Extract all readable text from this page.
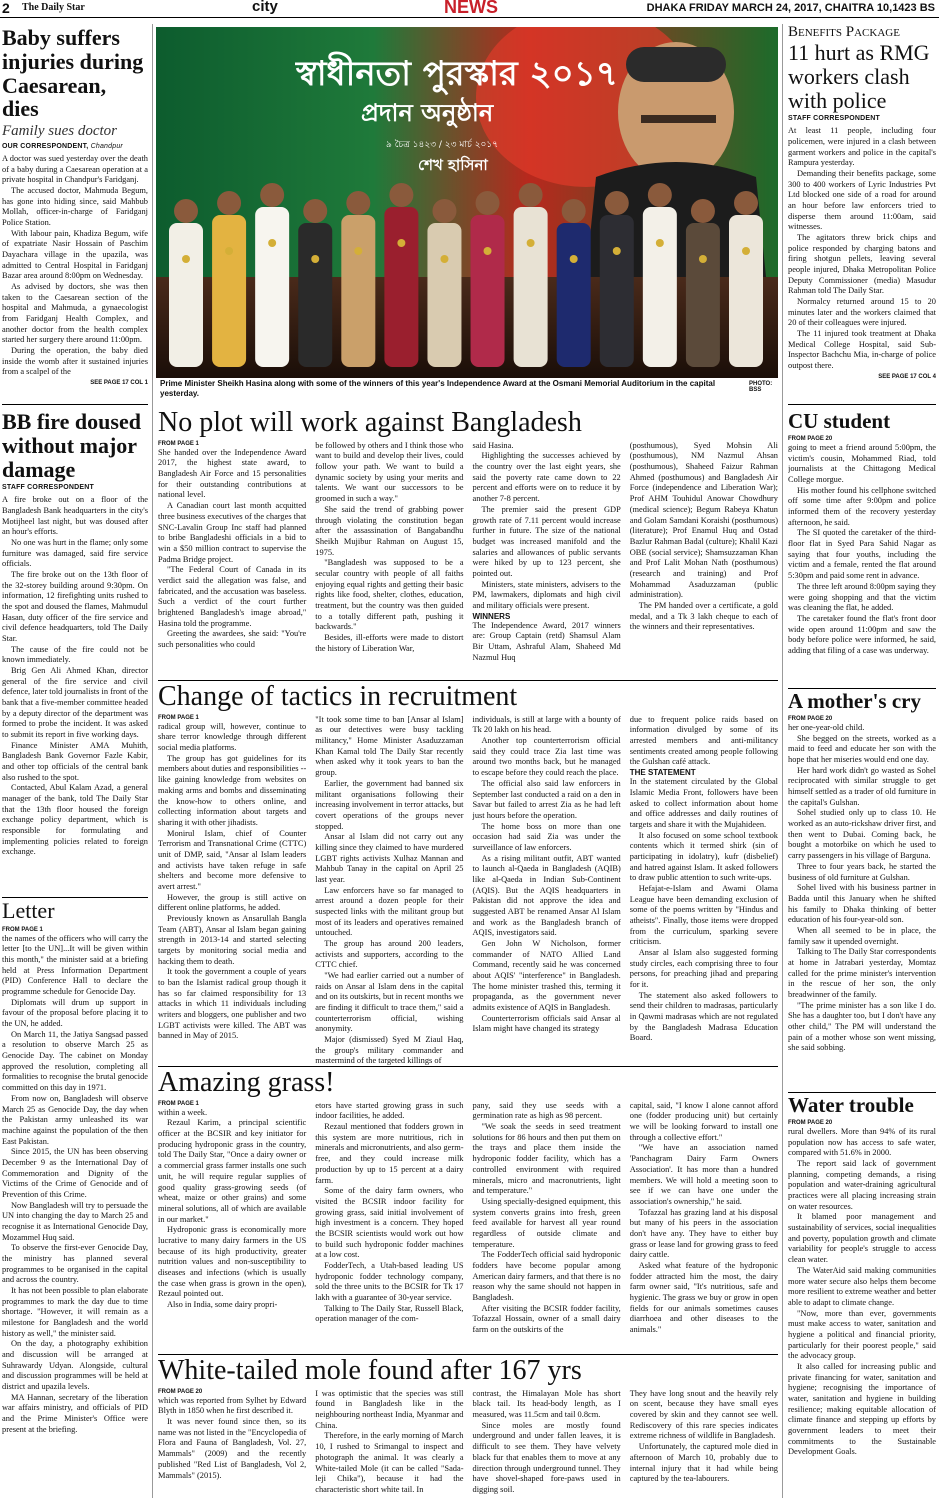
2 The Daily Star	city	NEWS	DHAKA FRIDAY MARCH 24, 2017, CHAITRA 10,1423 BS
Baby suffers injuries during Caesarean, dies
Family sues doctor
OUR CORRESPONDENT, Chandpur

A doctor was sued yesterday over the death of a baby during a Caesarean operation at a private hospital in Chandpur's Faridganj.

The accused doctor, Mahmuda Begum, has gone into hiding since, said Mahbub Mollah, officer-in-charge of Faridganj Police Station.

With labour pain, Khadiza Begum, wife of expatriate Nasir Hossain of Paschim Dayachara village in the upazila, was admitted to Central Hospital in Faridganj Bazar area around 8:00pm on Wednesday.

As advised by doctors, she was then taken to the Caesarean section of the hospital and Mahmuda, a gynaecologist from Faridganj Health Complex, and another doctor from the health complex started her surgery there around 11:00pm.

During the operation, the baby died inside the womb after it sustained injuries from a scalpel of the

SEE PAGE 17 COL 1
BB fire doused without major damage
STAFF CORRESPONDENT

A fire broke out on a floor of the Bangladesh Bank headquarters in the city's Motijheel last night, but was doused after an hour's efforts.

No one was hurt in the flame; only some furniture was damaged, said fire service officials.

The fire broke out on the 13th floor of the 32-storey building around 9:30pm. On information, 12 firefighting units rushed to the spot and doused the flames, Mahmudul Hasan, duty officer of the fire service and civil defence headquarters, told The Daily Star.

The cause of the fire could not be known immediately.

Brig Gen Ali Ahmed Khan, director general of the fire service and civil defence, later told journalists in front of the bank that a five-member committee headed by a deputy director of the department was formed to probe the incident. It was asked to submit its report in five working days.

Finance Minister AMA Muhith, Bangladesh Bank Governor Fazle Kabir, and other top officials of the central bank also rushed to the spot.

Contacted, Abul Kalam Azad, a general manager of the bank, told The Daily Star that the 13th floor housed the foreign exchange policy department, which is responsible for formulating and implementing policies related to foreign exchange.

Letter
FROM PAGE 1

the names of the officers who will carry the letter [to the UN]...It will be given within this month," the minister said at a briefing held at Press Information Department (PID) Conference Hall to declare the programme schedule for Genocide Day.

Diplomats will drum up support in favour of the proposal before placing it to the UN, he added.

On March 11, the Jatiya Sangsad passed a resolution to observe March 25 as Genocide Day. The cabinet on Monday approved the resolution, completing all formalities to recognise the brutal genocide committed on this day in 1971.

From now on, Bangladesh will observe March 25 as Genocide Day, the day when the Pakistan army unleashed its war machine against the population of the then East Pakistan.

Since 2015, the UN has been observing December 9 as the International Day of Commemoration and Dignity of the Victims of the Crime of Genocide and of Prevention of this Crime.

Now Bangladesh will try to persuade the UN into changing the day to March 25 and recognise it as International Genocide Day, Mozammel Huq said.

To observe the first-ever Genocide Day, the ministry has planned several programmes to be organised in the capital and across the country.

It has not been possible to plan elaborate programmes to mark the day due to time shortage. "However, it will remain as a milestone for Bangladesh and the world history as well," the minister said.

On the day, a photography exhibition and discussion will be arranged at Suhrawardy Udyan. Alongside, cultural and discussion programmes will be held at district and upazila levels.

MA Hannan, secretary of the liberation war affairs ministry, and officials of PID and the Prime Minister's Office were present at the briefing.

স্বাধীনতা পুরস্কার ২০১৭
প্রদান অনুষ্ঠান
৯ চৈত্র ১৪২৩ / ২৩ মার্চ ২০১৭
শেখ হাসিনা
Prime Minister Sheikh Hasina along with some of the winners of this year's Independence Award at the Osmani Memorial Auditorium in the capital yesterday.
PHOTO:
BSS
Benefits Package
11 hurt as RMG workers clash with police
STAFF CORRESPONDENT

At least 11 people, including four policemen, were injured in a clash between garment workers and police in the capital's Rampura yesterday.

Demanding their benefits package, some 300 to 400 workers of Lyric Industries Pvt Ltd blocked one side of a road for around an hour before law enforcers tried to disperse them around 11:00am, said witnesses.

The agitators threw brick chips and police responded by charging batons and firing shotgun pellets, leaving several people injured, Dhaka Metropolitan Police Deputy Commissioner (media) Masudur Rahman told The Daily Star.

Normalcy returned around 15 to 20 minutes later and the workers claimed that 20 of their colleagues were injured.

The 11 injured took treatment at Dhaka Medical College Hospital, said Sub-Inspector Bachchu Mia, in-charge of police outpost there.

SEE PAGE 17 COL 4
CU student
FROM PAGE 20

going to meet a friend around 5:00pm, the victim's cousin, Mohammed Riad, told journalists at the Chittagong Medical College morgue.

His mother found his cellphone switched off some time after 9:00pm and police informed them of the recovery yesterday afternoon, he said.

The SI quoted the caretaker of the third-floor flat in Syed Para Sahid Nagar as saying that four youths, including the victim and a female, rented the flat around 5:30pm and paid some rent in advance.

The three left around 8:00pm saying they were going shopping and that the victim was cleaning the flat, he added.

The caretaker found the flat's front door wide open around 11:00pm and saw the body before police were informed, he said, adding that filing of a case was underway.

A mother's cry
FROM PAGE 20

her one-year-old child.

She begged on the streets, worked as a maid to feed and educate her son with the hope that her miseries would end one day.

Her hard work didn't go wasted as Sohel reciprocated with similar struggle to get himself settled as a trader of old furniture in the capital's Gulshan.

Sohel studied only up to class 10. He worked as an auto-rickshaw driver first, and then went to Dubai. Coming back, he bought a motorbike on which he used to carry passengers in his village of Barguna.

Three to four years back, he started the business of old furniture at Gulshan.

Sohel lived with his business partner in Badda until this January when he shifted his family to Dhaka thinking of better education of his four-year-old son.

When all seemed to be in place, the family saw it upended overnight.

Talking to The Daily Star correspondents at home in Jatrabari yesterday, Momtaz called for the prime minister's intervention in the rescue of her son, the only breadwinner of the family.

"The prime minister has a son like I do. She has a daughter too, but I don't have any other child," The PM will understand the pain of a mother whose son went missing, she said sobbing.

Water trouble
FROM PAGE 20

rural dwellers. More than 94% of its rural population now has access to safe water, compared with 51.6% in 2000.

The report said lack of government planning, competing demands, a rising population and water-draining agricultural practices were all placing increasing strain on water resources.

It blamed poor management and sustainability of services, social inequalities and poverty, population growth and climate variability for people's struggle to access clean water.

The WaterAid said making communities more water secure also helps them become more resilient to extreme weather and better able to adapt to climate change.

"Now, more than ever, governments must make access to water, sanitation and hygiene a political and financial priority, particularly for their poorest people," said the advocacy group.

It also called for increasing public and private financing for water, sanitation and hygiene; recognising the importance of water, sanitation and hygiene in building resilience; making equitable allocation of climate finance and stepping up efforts by government leaders to meet their commitments to the Sustainable Development Goals.

No plot will work against Bangladesh
FROM PAGE 1

She handed over the Independence Award 2017, the highest state award, to Bangladesh Air Force and 15 personalities for their outstanding contributions at national level.

A Canadian court last month acquitted three business executives of the charges that SNC-Lavalin Group Inc staff had planned to bribe Bangladeshi officials in a bid to win a $50 million contract to supervise the Padma Bridge project.

"The Federal Court of Canada in its verdict said the allegation was false, and fabricated, and the accusation was baseless. Such a verdict of the court further brightened Bangladesh's image abroad," Hasina told the programme.

Greeting the awardees, she said: "You're such personalities who could

be followed by others and I think those who want to build and develop their lives, could follow your path. We want to build a dynamic society by using your merits and talents. We want our successors to be groomed in such a way."

She said the trend of grabbing power through violating the constitution began after the assassination of Bangabandhu Sheikh Mujibur Rahman on August 15, 1975.

"Bangladesh was supposed to be a secular country with people of all faiths enjoying equal rights and getting their basic rights like food, shelter, clothes, education, treatment, but the country was then guided to a totally different path, pushing it backwards."

Besides, ill-efforts were made to distort the history of Liberation War,

said Hasina.

Highlighting the successes achieved by the country over the last eight years, she said the poverty rate came down to 22 percent and efforts were on to reduce it by another 7-8 percent.

The premier said the present GDP growth rate of 7.11 percent would increase further in future. The size of the national budget was increased manifold and the salaries and allowances of public servants were hiked by up to 123 percent, she pointed out.

Ministers, state ministers, advisers to the PM, lawmakers, diplomats and high civil and military officials were present.

WINNERS

The Independence Award, 2017 winners are: Group Captain (retd) Shamsul Alam Bir Uttam, Ashraful Alam, Shaheed Md Nazmul Huq

(posthumous), Syed Mohsin Ali (posthumous), NM Nazmul Ahsan (posthumous), Shaheed Faizur Rahman Ahmed (posthumous) and Bangladesh Air Force (independence and Liberation War); Prof AHM Touhidul Anowar Chowdhury (medical science); Begum Rabeya Khatun and Golam Samdani Koraishi (posthumous) (literature); Prof Enamul Huq and Ostad Bazlur Rahman Badal (culture); Khalil Kazi OBE (social service); Shamsuzzaman Khan and Prof Lalit Mohan Nath (posthumous) (research and training) and Prof Mohammad Asaduzzaman (public administration).

The PM handed over a certificate, a gold medal, and a Tk 3 lakh cheque to each of the winners and their representatives.

Change of tactics in recruitment
FROM PAGE 1

radical group will, however, continue to share terror knowledge through different social media platforms.

The group has got guidelines for its members about duties and responsibilities -- like gaining knowledge from websites on making arms and bombs and disseminating the know-how to others online, and collecting information about targets and sharing it with other jihadists.

Monirul Islam, chief of Counter Terrorism and Transnational Crime (CTTC) unit of DMP, said, "Ansar al Islam leaders and activists have taken refuge in safe shelters and become more defensive to avert arrest."

However, the group is still active on different online platforms, he added.

Previously known as Ansarullah Bangla Team (ABT), Ansar al Islam began gaining strength in 2013-14 and started selecting targets by monitoring social media and hacking them to death.

It took the government a couple of years to ban the Islamist radical group though it has so far claimed responsibility for 13 attacks in which 11 individuals including writers and bloggers, one publisher and two LGBT activists were killed. The ABT was banned in May of 2015.

"It took some time to ban [Ansar al Islam] as our detectives were busy tackling militancy," Home Minister Asaduzzaman Khan Kamal told The Daily Star recently when asked why it took years to ban the group.

Earlier, the government had banned six militant organisations following their increasing involvement in terror attacks, but covert operations of the groups never stopped.

Ansar al Islam did not carry out any killing since they claimed to have murdered LGBT rights activists Xulhaz Mannan and Mahbub Tanay in the capital on April 25 last year.

Law enforcers have so far managed to arrest around a dozen people for their suspected links with the militant group but most of its leaders and operatives remained untouched.

The group has around 200 leaders, activists and supporters, according to the CTTC chief.

"We had earlier carried out a number of raids on Ansar al Islam dens in the capital and on its outskirts, but in recent months we are finding it difficult to trace them," said a counterterrorism official, wishing anonymity.

Major (dismissed) Syed M Ziaul Haq, the group's military commander and mastermind of the targeted killings of

individuals, is still at large with a bounty of Tk 20 lakh on his head.

Another top counterterrorism official said they could trace Zia last time was around two months back, but he managed to escape before they could reach the place.

The official also said law enforcers in September last conducted a raid on a den in Savar but failed to arrest Zia as he had left just hours before the operation.

The home boss on more than one occasion had said Zia was under the surveillance of law enforcers.

As a rising militant outfit, ABT wanted to launch al-Qaeda in Bangladesh (AQIB) like al-Qaeda in Indian Sub-Continent (AQIS). But the AQIS headquarters in Pakistan did not approve the idea and suggested ABT be renamed Ansar Al Islam and work as the Bangladesh branch of AQIS, investigators said.

Gen John W Nicholson, former commander of NATO Allied Land Command, recently said he was concerned about AQIS' "interference" in Bangladesh. The home minister trashed this, terming it propaganda, as the government never admits existence of AQIS in Bangladesh.

Counterterrorism officials said Ansar al Islam might have changed its strategy

due to frequent police raids based on information divulged by some of its arrested members and anti-militancy sentiments created among people following the Gulshan café attack.

THE STATEMENT

In the statement circulated by the Global Islamic Media Front, followers have been asked to collect information about home and office addresses and daily routines of targets and share it with the Mujahideen.

It also focused on some school textbook contents which it termed shirk (sin of participating in idolatry), kufr (disbelief) and hatred against Islam. It asked followers to draw public attention to such write-ups.

Hefajat-e-Islam and Awami Olama League have been demanding exclusion of some of the poems written by "Hindus and atheists". Finally, those items were dropped from the curriculum, sparking severe criticism.

Ansar al Islam also suggested forming study circles, each comprising three to four persons, for preaching jihad and preparing for it.

The statement also asked followers to send their children to madrasas, particularly in Qawmi madrasas which are not regulated by the Bangladesh Madrasa Education Board.

Amazing grass!
FROM PAGE 1

within a week.

Rezaul Karim, a principal scientific officer at the BCSIR and key initiator for producing hydroponic grass in the country, told The Daily Star, "Once a dairy owner or a commercial grass farmer installs one such unit, he will require regular supplies of good quality grass-growing seeds (of wheat, maize or other grains) and some mineral solutions, all of which are available in our market."

Hydroponic grass is economically more lucrative to many dairy farmers in the US because of its high productivity, greater nutrition values and non-susceptibility to diseases and infections (which is usually the case when grass is grown in the open), Rezaul pointed out.

Also in India, some dairy propri-

etors have started growing grass in such indoor facilities, he added.

Rezaul mentioned that fodders grown in this system are more nutritious, rich in minerals and micronutrients, and also germ-free, and they could increase milk production by up to 15 percent at a dairy farm.

Some of the dairy farm owners, who visited the BCSIR indoor facility for growing grass, said initial involvement of high investment is a concern. They hoped the BCSIR scientists would work out how to build such hydroponic fodder machines at a low cost.

FodderTech, a Utah-based leading US hydroponic fodder technology company, sold the three units to the BCSIR for Tk 17 lakh with a guarantee of 30-year service.

Talking to The Daily Star, Russell Black, operation manager of the com-

pany, said they use seeds with a germination rate as high as 98 percent.

"We soak the seeds in seed treatment solutions for 86 hours and then put them on the trays and place them inside the hydroponic fodder facility, which has a controlled environment with required minerals, micro and macronutrients, light and temperature."

Using specially-designed equipment, this system converts grains into fresh, green feed available for harvest all year round regardless of outside climate and temperature.

The FodderTech official said hydroponic fodders have become popular among American dairy farmers, and that there is no reason why the same should not happen in Bangladesh.

After visiting the BCSIR fodder facility, Tofazzal Hossain, owner of a small dairy farm on the outskirts of the

capital, said, "I know I alone cannot afford one (fodder producing unit) but certainly we will be looking forward to install one through a collective effort."

"We have an association named 'Panchagram Dairy Farm Owners Association'. It has more than a hundred members. We will hold a meeting soon to see if we can have one under the association's ownership," he said.

Tofazzal has grazing land at his disposal but many of his peers in the association don't have any. They have to either buy grass or lease land for growing grass to feed dairy cattle.

Asked what feature of the hydroponic fodder attracted him the most, the dairy farm owner said, "It's nutritious, safe and hygienic. The grass we buy or grow in open fields for our animals sometimes causes diarrhoea and other diseases to the animals."

White-tailed mole found after 167 yrs
FROM PAGE 20

which was reported from Sylhet by Edward Blyth in 1850 when he first described it.

It was never found since then, so its name was not listed in the "Encyclopedia of Flora and Fauna of Bangladesh, Vol. 27, Mammals" (2009) and the recently published "Red List of Bangladesh, Vol 2, Mammals" (2015).

I was optimistic that the species was still found in Bangladesh like in the neighbouring northeast India, Myanmar and China.

Therefore, in the early morning of March 10, I rushed to Srimangal to inspect and photograph the animal. It was clearly a White-tailed Mole (it can be called "Sada-leji Chika"), because it had the characteristic short white tail. In

contrast, the Himalayan Mole has short black tail. Its head-body length, as I measured, was 11.5cm and tail 0.8cm.

Since moles are mostly found underground and under fallen leaves, it is difficult to see them. They have velvety black fur that enables them to move at any direction through underground tunnel. They have shovel-shaped fore-paws used in digging soil.

They have long snout and the heavily rely on scent, because they have small eyes covered by skin and they cannot see well. Rediscovery of this rare species indicates extreme richness of wildlife in Bangladesh.

Unfortunately, the captured mole died in afternoon of March 10, probably due to internal injury that it had while being captured by the tea-labourers.
